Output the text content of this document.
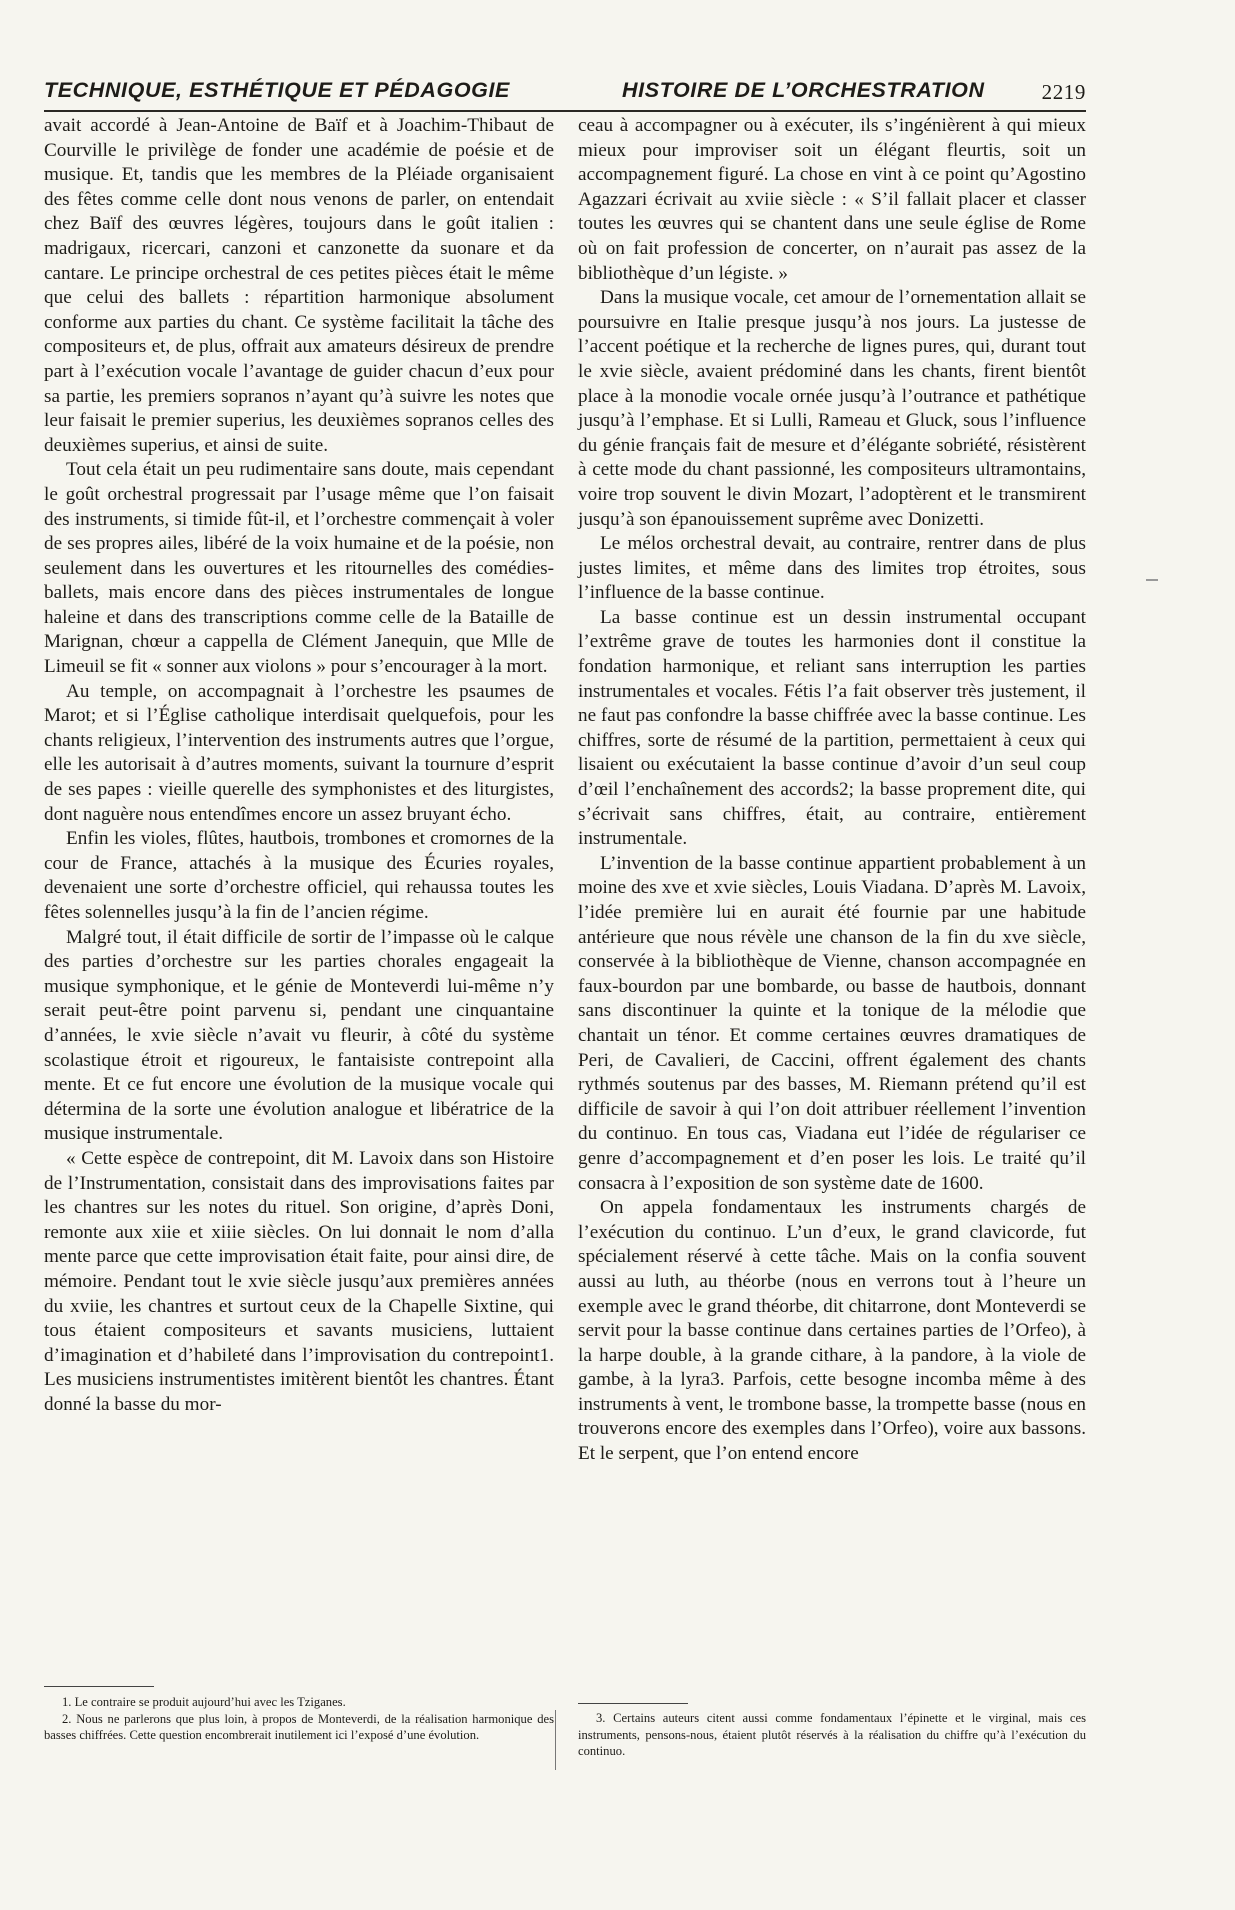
TECHNIQUE, ESTHÉTIQUE ET PÉDAGOGIE	HISTOIRE DE L’ORCHESTRATION	2219

avait accordé à Jean-Antoine de Baïf et à Joachim-Thibaut de Courville le privilège de fonder une académie de poésie et de musique. Et, tandis que les membres de la Pléiade organisaient des fêtes comme celle dont nous venons de parler, on entendait chez Baïf des œuvres légères, toujours dans le goût italien : madrigaux, ricercari, canzoni et canzonette da suonare et da cantare. Le principe orchestral de ces petites pièces était le même que celui des ballets : répartition harmonique absolument conforme aux parties du chant. Ce système facilitait la tâche des compositeurs et, de plus, offrait aux amateurs désireux de prendre part à l’exécution vocale l’avantage de guider chacun d’eux pour sa partie, les premiers sopranos n’ayant qu’à suivre les notes que leur faisait le premier superius, les deuxièmes sopranos celles des deuxièmes superius, et ainsi de suite.

Tout cela était un peu rudimentaire sans doute, mais cependant le goût orchestral progressait par l’usage même que l’on faisait des instruments, si timide fût-il, et l’orchestre commençait à voler de ses propres ailes, libéré de la voix humaine et de la poésie, non seulement dans les ouvertures et les ritournelles des comédies-ballets, mais encore dans des pièces instrumentales de longue haleine et dans des transcriptions comme celle de la Bataille de Marignan, chœur a cappella de Clément Janequin, que Mlle de Limeuil se fit « sonner aux violons » pour s’encourager à la mort.

Au temple, on accompagnait à l’orchestre les psaumes de Marot; et si l’Église catholique interdisait quelquefois, pour les chants religieux, l’intervention des instruments autres que l’orgue, elle les autorisait à d’autres moments, suivant la tournure d’esprit de ses papes : vieille querelle des symphonistes et des liturgistes, dont naguère nous entendîmes encore un assez bruyant écho.

Enfin les violes, flûtes, hautbois, trombones et cromornes de la cour de France, attachés à la musique des Écuries royales, devenaient une sorte d’orchestre officiel, qui rehaussa toutes les fêtes solennelles jusqu’à la fin de l’ancien régime.

Malgré tout, il était difficile de sortir de l’impasse où le calque des parties d’orchestre sur les parties chorales engageait la musique symphonique, et le génie de Monteverdi lui-même n’y serait peut-être point parvenu si, pendant une cinquantaine d’années, le xvie siècle n’avait vu fleurir, à côté du système scolastique étroit et rigoureux, le fantaisiste contrepoint alla mente. Et ce fut encore une évolution de la musique vocale qui détermina de la sorte une évolution analogue et libératrice de la musique instrumentale.

« Cette espèce de contrepoint, dit M. Lavoix dans son Histoire de l’Instrumentation, consistait dans des improvisations faites par les chantres sur les notes du rituel. Son origine, d’après Doni, remonte aux xiie et xiiie siècles. On lui donnait le nom d’alla mente parce que cette improvisation était faite, pour ainsi dire, de mémoire. Pendant tout le xvie siècle jusqu’aux premières années du xviie, les chantres et surtout ceux de la Chapelle Sixtine, qui tous étaient compositeurs et savants musiciens, luttaient d’imagination et d’habileté dans l’improvisation du contrepoint1. Les musiciens instrumentistes imitèrent bientôt les chantres. Étant donné la basse du mor-

ceau à accompagner ou à exécuter, ils s’ingénièrent à qui mieux mieux pour improviser soit un élégant fleurtis, soit un accompagnement figuré. La chose en vint à ce point qu’Agostino Agazzari écrivait au xviie siècle : « S’il fallait placer et classer toutes les œuvres qui se chantent dans une seule église de Rome où on fait profession de concerter, on n’aurait pas assez de la bibliothèque d’un légiste. »

Dans la musique vocale, cet amour de l’ornementation allait se poursuivre en Italie presque jusqu’à nos jours. La justesse de l’accent poétique et la recherche de lignes pures, qui, durant tout le xvie siècle, avaient prédominé dans les chants, firent bientôt place à la monodie vocale ornée jusqu’à l’outrance et pathétique jusqu’à l’emphase. Et si Lulli, Rameau et Gluck, sous l’influence du génie français fait de mesure et d’élégante sobriété, résistèrent à cette mode du chant passionné, les compositeurs ultramontains, voire trop souvent le divin Mozart, l’adoptèrent et le transmirent jusqu’à son épanouissement suprême avec Donizetti.

Le mélos orchestral devait, au contraire, rentrer dans de plus justes limites, et même dans des limites trop étroites, sous l’influence de la basse continue.

La basse continue est un dessin instrumental occupant l’extrême grave de toutes les harmonies dont il constitue la fondation harmonique, et reliant sans interruption les parties instrumentales et vocales. Fétis l’a fait observer très justement, il ne faut pas confondre la basse chiffrée avec la basse continue. Les chiffres, sorte de résumé de la partition, permettaient à ceux qui lisaient ou exécutaient la basse continue d’avoir d’un seul coup d’œil l’enchaînement des accords2; la basse proprement dite, qui s’écrivait sans chiffres, était, au contraire, entièrement instrumentale.

L’invention de la basse continue appartient probablement à un moine des xve et xvie siècles, Louis Viadana. D’après M. Lavoix, l’idée première lui en aurait été fournie par une habitude antérieure que nous révèle une chanson de la fin du xve siècle, conservée à la bibliothèque de Vienne, chanson accompagnée en faux-bourdon par une bombarde, ou basse de hautbois, donnant sans discontinuer la quinte et la tonique de la mélodie que chantait un ténor. Et comme certaines œuvres dramatiques de Peri, de Cavalieri, de Caccini, offrent également des chants rythmés soutenus par des basses, M. Riemann prétend qu’il est difficile de savoir à qui l’on doit attribuer réellement l’invention du continuo. En tous cas, Viadana eut l’idée de régulariser ce genre d’accompagnement et d’en poser les lois. Le traité qu’il consacra à l’exposition de son système date de 1600.

On appela fondamentaux les instruments chargés de l’exécution du continuo. L’un d’eux, le grand clavicorde, fut spécialement réservé à cette tâche. Mais on la confia souvent aussi au luth, au théorbe (nous en verrons tout à l’heure un exemple avec le grand théorbe, dit chitarrone, dont Monteverdi se servit pour la basse continue dans certaines parties de l’Orfeo), à la harpe double, à la grande cithare, à la pandore, à la viole de gambe, à la lyra3. Parfois, cette besogne incomba même à des instruments à vent, le trombone basse, la trompette basse (nous en trouverons encore des exemples dans l’Orfeo), voire aux bassons. Et le serpent, que l’on entend encore

1. Le contraire se produit aujourd’hui avec les Tziganes.

2. Nous ne parlerons que plus loin, à propos de Monteverdi, de la réalisation harmonique des basses chiffrées. Cette question encombrerait inutilement ici l’exposé d’une évolution.

3. Certains auteurs citent aussi comme fondamentaux l’épinette et le virginal, mais ces instruments, pensons-nous, étaient plutôt réservés à la réalisation du chiffre qu’à l’exécution du continuo.
